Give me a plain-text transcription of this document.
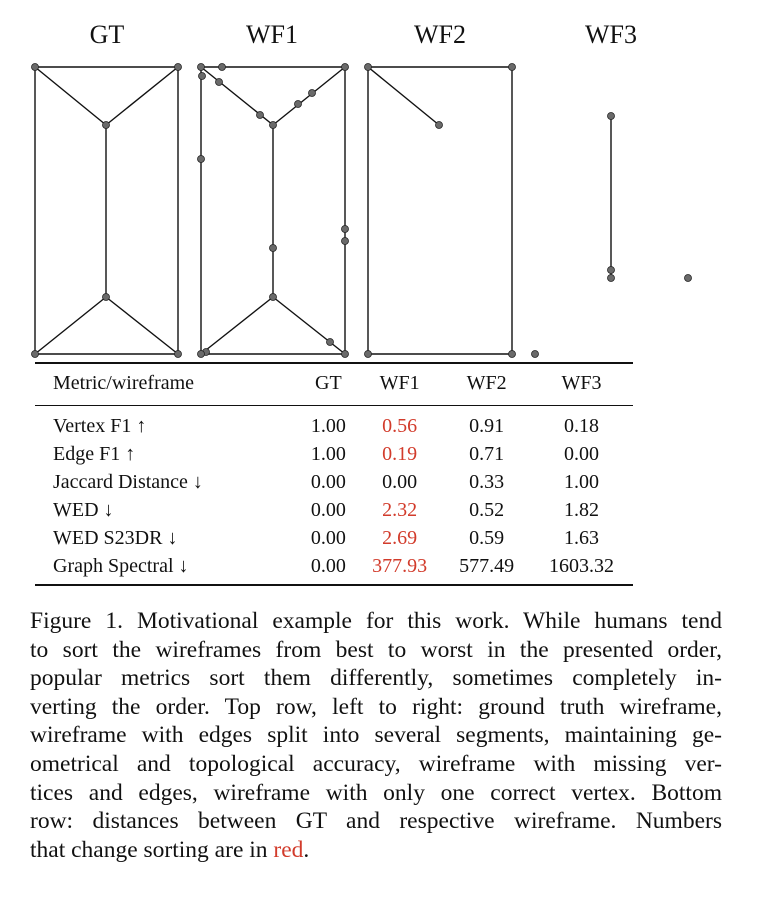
GT	WF1	WF2	WF3
Metric/wireframe	GT	WF1	WF2	WF3
Vertex F1 ↑	1.00	0.56	0.91	0.18
Edge F1 ↑	1.00	0.19	0.71	0.00
Jaccard Distance ↓	0.00	0.00	0.33	1.00
WED ↓	0.00	2.32	0.52	1.82
WED S23DR ↓	0.00	2.69	0.59	1.63
Graph Spectral ↓	0.00	377.93	577.49	1603.32
Figure 1. Motivational example for this work. While humans tend
to sort the wireframes from best to worst in the presented order,
popular metrics sort them differently, sometimes completely in-
verting the order. Top row, left to right: ground truth wireframe,
wireframe with edges split into several segments, maintaining ge-
ometrical and topological accuracy, wireframe with missing ver-
tices and edges, wireframe with only one correct vertex. Bottom
row: distances between GT and respective wireframe. Numbers
that change sorting are in red.
